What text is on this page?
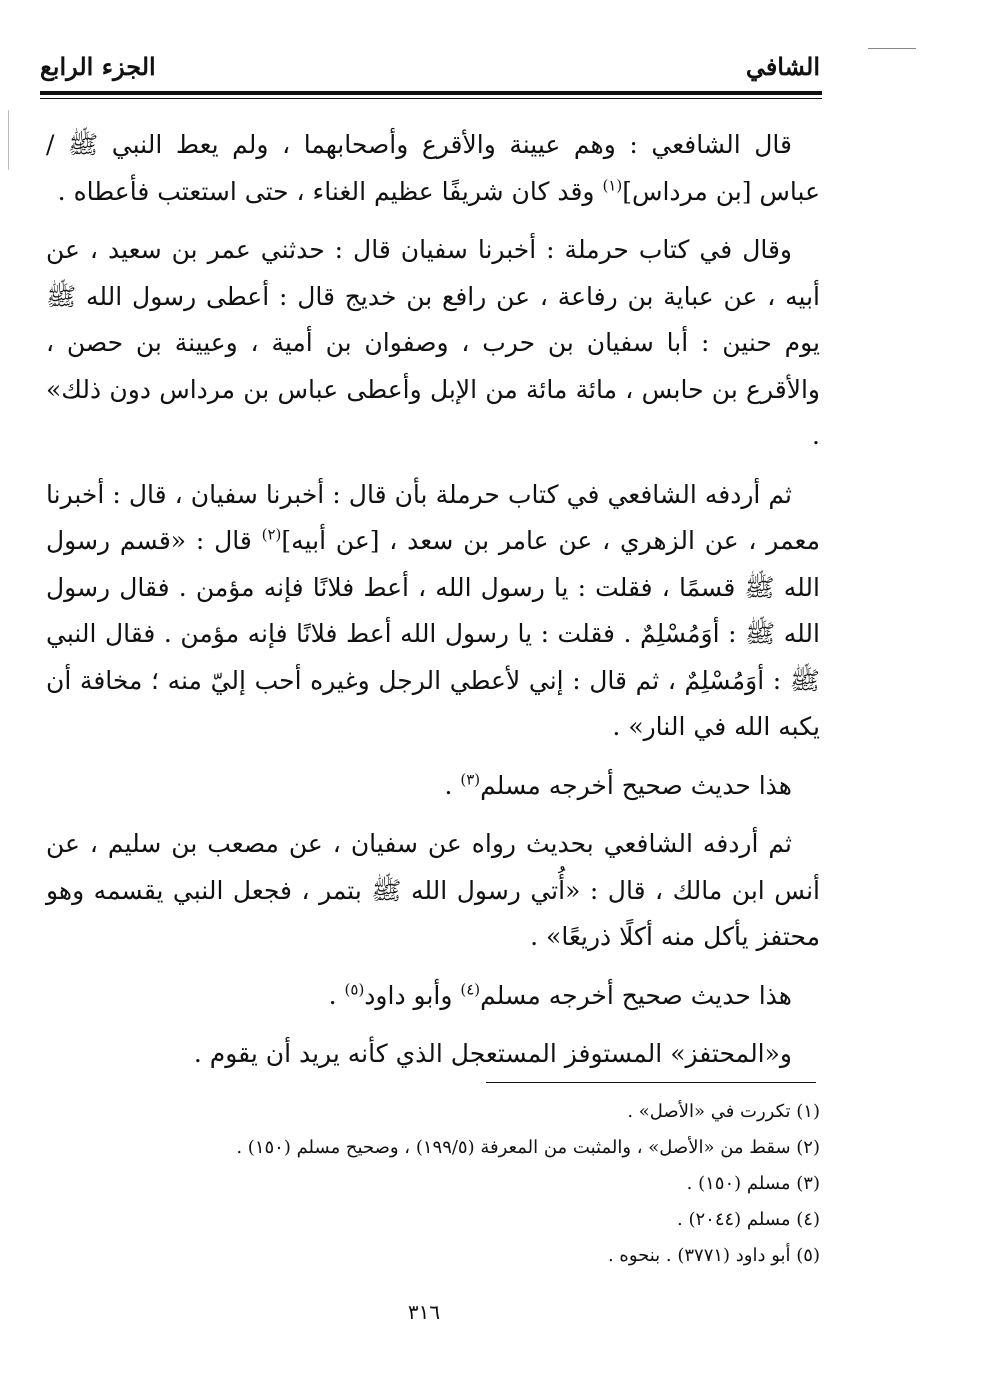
الشافي
الجزء الرابع

قال الشافعي : وهم عيينة والأقرع وأصحابهما ، ولم يعط النبي ﷺ / عباس [بن مرداس]$^{(١)}$ وقد كان شريفًا عظيم الغناء ، حتى استعتب فأعطاه .

وقال في كتاب حرملة : أخبرنا سفيان قال : حدثني عمر بن سعيد ، عن أبيه ، عن عباية بن رفاعة ، عن رافع بن خديج قال : أعطى رسول الله ﷺ يوم حنين : أبا سفيان بن حرب ، وصفوان بن أمية ، وعيينة بن حصن ، والأقرع بن حابس ، مائة مائة من الإبل وأعطى عباس بن مرداس دون ذلك» .

ثم أردفه الشافعي في كتاب حرملة بأن قال : أخبرنا سفيان ، قال : أخبرنا معمر ، عن الزهري ، عن عامر بن سعد ، [عن أبيه]$^{(٢)}$ قال : «قسم رسول الله ﷺ قسمًا ، فقلت : يا رسول الله ، أعط فلانًا فإنه مؤمن . فقال رسول الله ﷺ : أوَمُسْلِمٌ . فقلت : يا رسول الله أعط فلانًا فإنه مؤمن . فقال النبي ﷺ : أوَمُسْلِمٌ ، ثم قال : إني لأعطي الرجل وغيره أحب إليّ منه ؛ مخافة أن يكبه الله في النار» .

هذا حديث صحيح أخرجه مسلم$^{(٣)}$ .

ثم أردفه الشافعي بحديث رواه عن سفيان ، عن مصعب بن سليم ، عن أنس ابن مالك ، قال : «أُتي رسول الله ﷺ بتمر ، فجعل النبي يقسمه وهو محتفز يأكل منه أكلًا ذريعًا» .

هذا حديث صحيح أخرجه مسلم$^{(٤)}$ وأبو داود$^{(٥)}$ .

و«المحتفز» المستوفز المستعجل الذي كأنه يريد أن يقوم .

(١) تكررت في «الأصل» .
(٢) سقط من «الأصل» ، والمثبت من المعرفة (١٩٩/٥) ، وصحيح مسلم (١٥٠) .
(٣) مسلم (١٥٠) .
(٤) مسلم (٢٠٤٤) .
(٥) أبو داود (٣٧٧١) . بنحوه .
٣١٦
